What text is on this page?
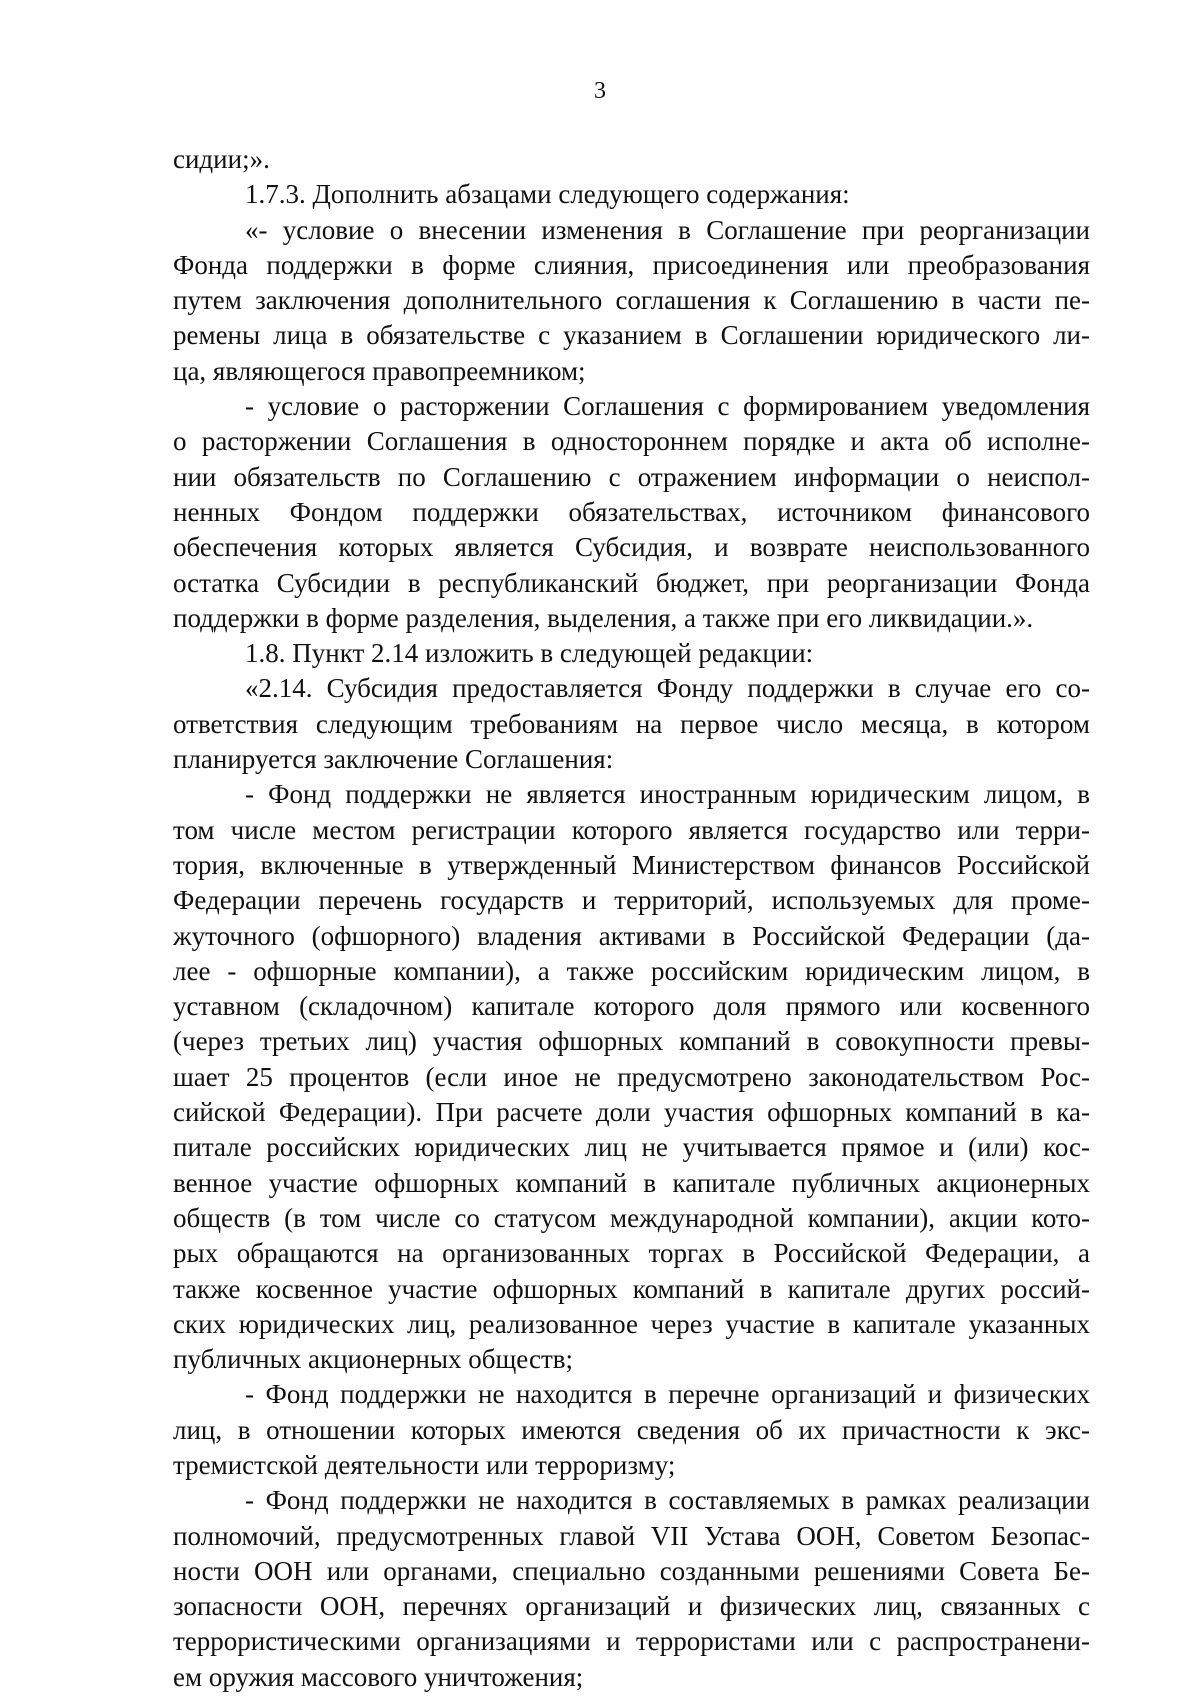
3
сидии;».
1.7.3. Дополнить абзацами следующего содержания:
«- условие о внесении изменения в Соглашение при реорганизации
Фонда поддержки в форме слияния, присоединения или преобразования
путем заключения дополнительного соглашения к Соглашению в части пе-
ремены лица в обязательстве с указанием в Соглашении юридического ли-
ца, являющегося правопреемником;
- условие о расторжении Соглашения с формированием уведомления
о расторжении Соглашения в одностороннем порядке и акта об исполне-
нии обязательств по Соглашению с отражением информации о неиспол-
ненных Фондом поддержки обязательствах, источником финансового
обеспечения которых является Субсидия, и возврате неиспользованного
остатка Субсидии в республиканский бюджет, при реорганизации Фонда
поддержки в форме разделения, выделения, а также при его ликвидации.».
1.8. Пункт 2.14 изложить в следующей редакции:
«2.14. Субсидия предоставляется Фонду поддержки в случае его со-
ответствия следующим требованиям на первое число месяца, в котором
планируется заключение Соглашения:
- Фонд поддержки не является иностранным юридическим лицом, в
том числе местом регистрации которого является государство или терри-
тория, включенные в утвержденный Министерством финансов Российской
Федерации перечень государств и территорий, используемых для проме-
жуточного (офшорного) владения активами в Российской Федерации (да-
лее - офшорные компании), а также российским юридическим лицом, в
уставном (складочном) капитале которого доля прямого или косвенного
(через третьих лиц) участия офшорных компаний в совокупности превы-
шает 25 процентов (если иное не предусмотрено законодательством Рос-
сийской Федерации). При расчете доли участия офшорных компаний в ка-
питале российских юридических лиц не учитывается прямое и (или) кос-
венное участие офшорных компаний в капитале публичных акционерных
обществ (в том числе со статусом международной компании), акции кото-
рых обращаются на организованных торгах в Российской Федерации, а
также косвенное участие офшорных компаний в капитале других россий-
ских юридических лиц, реализованное через участие в капитале указанных
публичных акционерных обществ;
- Фонд поддержки не находится в перечне организаций и физических
лиц, в отношении которых имеются сведения об их причастности к экс-
тремистской деятельности или терроризму;
- Фонд поддержки не находится в составляемых в рамках реализации
полномочий, предусмотренных главой VII Устава ООН, Советом Безопас-
ности ООН или органами, специально созданными решениями Совета Бе-
зопасности ООН, перечнях организаций и физических лиц, связанных с
террористическими организациями и террористами или с распространени-
ем оружия массового уничтожения;
